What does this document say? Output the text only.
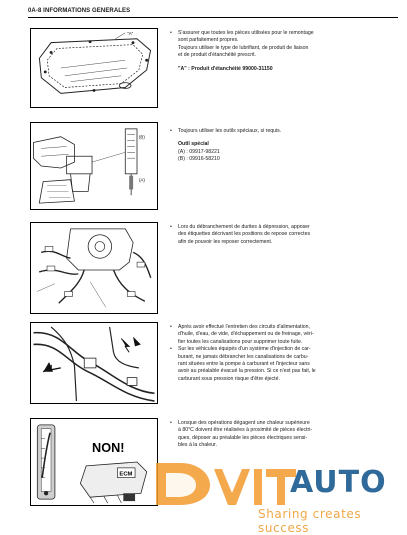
0A-8 INFORMATIONS GENERALES
"A"	•	S'assurer que toutes les pièces utilisées pour le remontage
sont parfaitement propres.
Toujours utiliser le type de lubrifiant, de produit de liaison
et de produit d'étanchéité prescrit.
"A" : Produit d'étanchéité 99000-31150
(B)
(A)
•	Toujours utiliser les outils spéciaux, si requis.
Outil spécial
(A) : 09917-98221
(B) : 09916-58210
•	Lors du débranchement de durites à dépression, apposer
des étiquettes décrivant les positions de repose correctes
afin de pouvoir les reposer correctement.
•	Après avoir effectué l'entretien des circuits d'alimentation,
d'huile, d'eau, de vide, d'échappement ou de freinage, véri-
fier toutes les canalisations pour supprimer toute fuite.
•	Sur les véhicules équipés d'un système d'injection de car-
burant, ne jamais débrancher les canalisations de carbu-
rant situées entre la pompe à carburant et l'injecteur sans
avoir au préalable évacué la pression. Si ce n'est pas fait, le
carburant sous pression risque d'être éjecté.
NON!
ECM
•	Lorsque des opérations dégagent une chaleur supérieure
à 80°C doivent être réalisées à proximité de pièces électri-
ques, déposer au préalable les pièces électriques sensi-
bles à la chaleur.
AUTO
Sharing creates success
